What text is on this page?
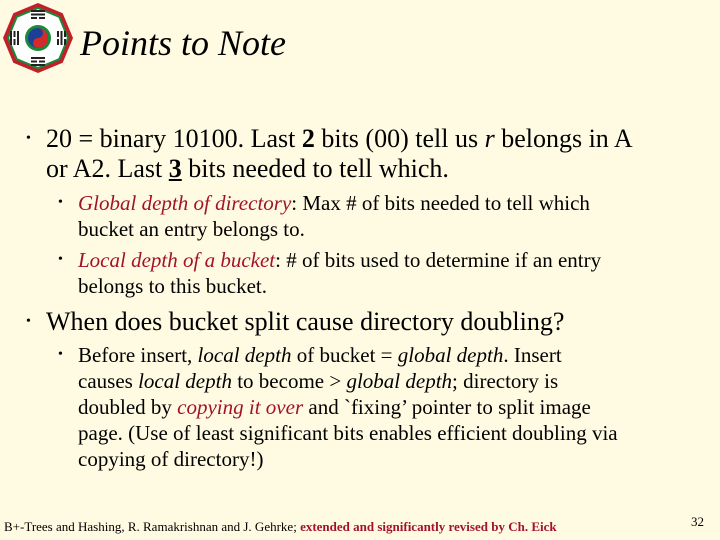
Points to Note
• 20 = binary 10100. Last 2 bits (00) tell us r belongs in A
or A2. Last 3 bits needed to tell which.
• Global depth of directory: Max # of bits needed to tell which
bucket an entry belongs to.
• Local depth of a bucket: # of bits used to determine if an entry
belongs to this bucket.
• When does bucket split cause directory doubling?
• Before insert, local depth of bucket = global depth. Insert
causes local depth to become > global depth; directory is
doubled by copying it over and `fixing’ pointer to split image
page. (Use of least significant bits enables efficient doubling via
copying of directory!)
B+-Trees and Hashing, R. Ramakrishnan and J. Gehrke; extended and significantly revised by Ch. Eick	32
